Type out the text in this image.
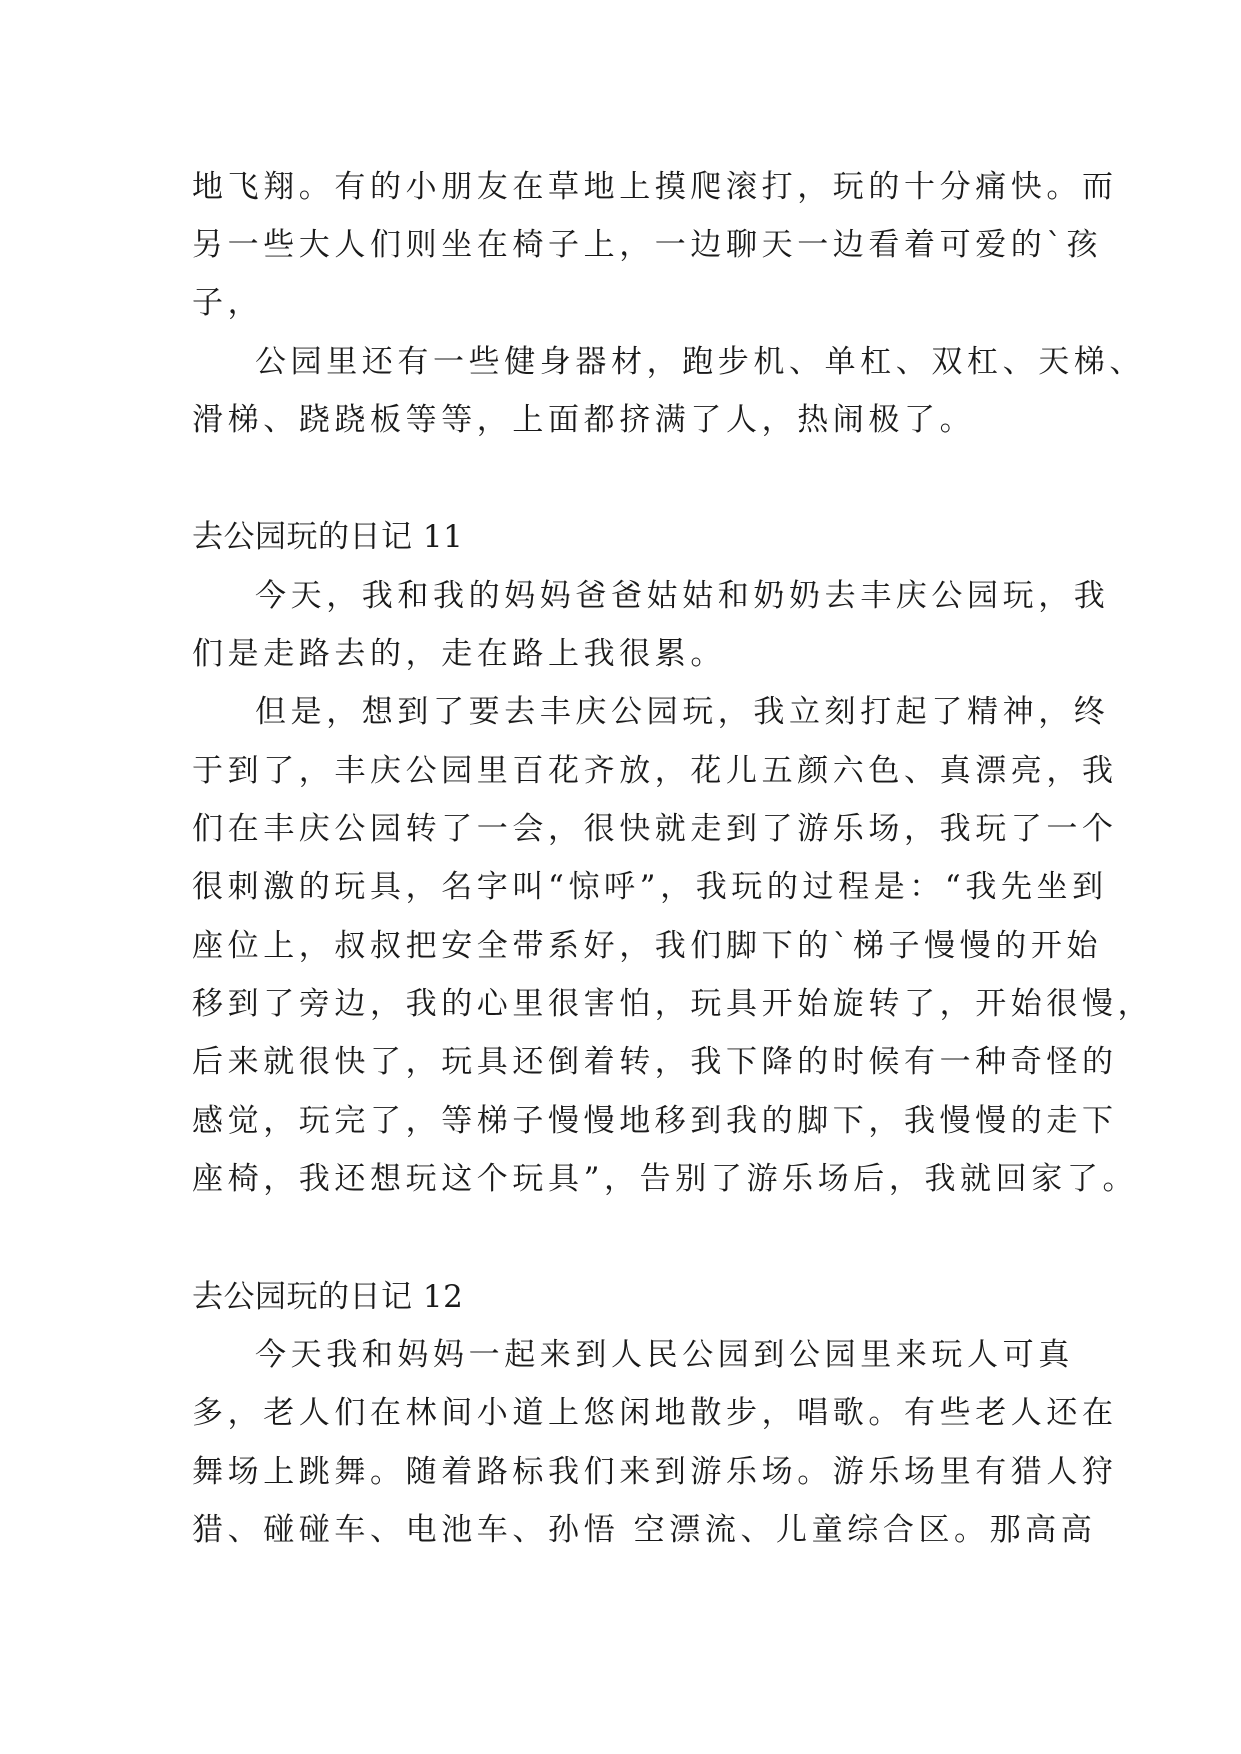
地飞翔。有的小朋友在草地上摸爬滚打，玩的十分痛快。而
另一些大人们则坐在椅子上，一边聊天一边看着可爱的`孩
子，
公园里还有一些健身器材，跑步机、单杠、双杠、天梯、
滑梯、跷跷板等等，上面都挤满了人，热闹极了。
去公园玩的日记 11
今天，我和我的妈妈爸爸姑姑和奶奶去丰庆公园玩，我
们是走路去的，走在路上我很累。
但是，想到了要去丰庆公园玩，我立刻打起了精神，终
于到了，丰庆公园里百花齐放，花儿五颜六色、真漂亮，我
们在丰庆公园转了一会，很快就走到了游乐场，我玩了一个
很刺激的玩具，名字叫“惊呼”，我玩的过程是：“我先坐到
座位上，叔叔把安全带系好，我们脚下的`梯子慢慢的开始
移到了旁边，我的心里很害怕，玩具开始旋转了，开始很慢，
后来就很快了，玩具还倒着转，我下降的时候有一种奇怪的
感觉，玩完了，等梯子慢慢地移到我的脚下，我慢慢的走下
座椅，我还想玩这个玩具”，告别了游乐场后，我就回家了。
去公园玩的日记 12
今天我和妈妈一起来到人民公园到公园里来玩人可真
多，老人们在林间小道上悠闲地散步，唱歌。有些老人还在
舞场上跳舞。随着路标我们来到游乐场。游乐场里有猎人狩
猎、碰碰车、电池车、孙悟 空漂流、儿童综合区。那高高
